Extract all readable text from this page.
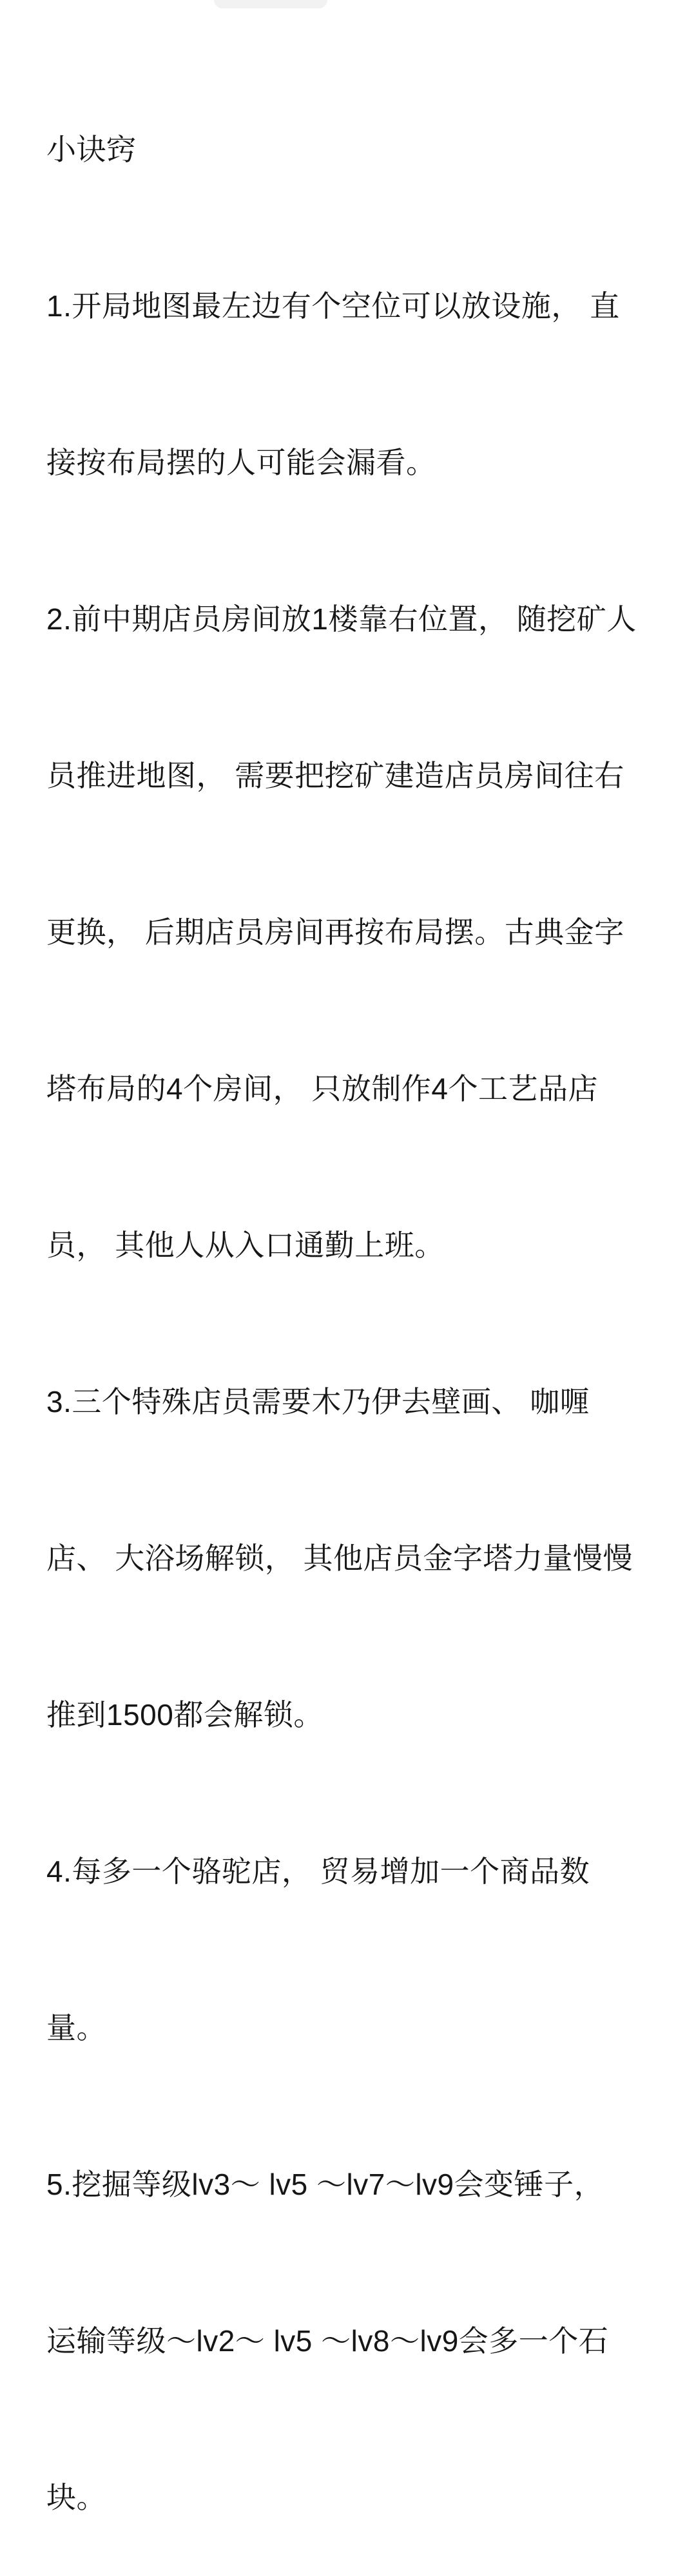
小诀窍

1.开局地图最左边有个空位可以放设施， 直

接按布局摆的人可能会漏看。

2.前中期店员房间放1楼靠右位置， 随挖矿人

员推进地图， 需要把挖矿建造店员房间往右

更换， 后期店员房间再按布局摆。古典金字

塔布局的4个房间， 只放制作4个工艺品店

员， 其他人从入口通勤上班。

3.三个特殊店员需要木乃伊去壁画、 咖喱

店、 大浴场解锁， 其他店员金字塔力量慢慢

推到1500都会解锁。

4.每多一个骆驼店， 贸易增加一个商品数

量。

5.挖掘等级lv3～ lv5 ～lv7～lv9会变锤子，

运输等级～lv2～ lv5 ～lv8～lv9会多一个石

块。
